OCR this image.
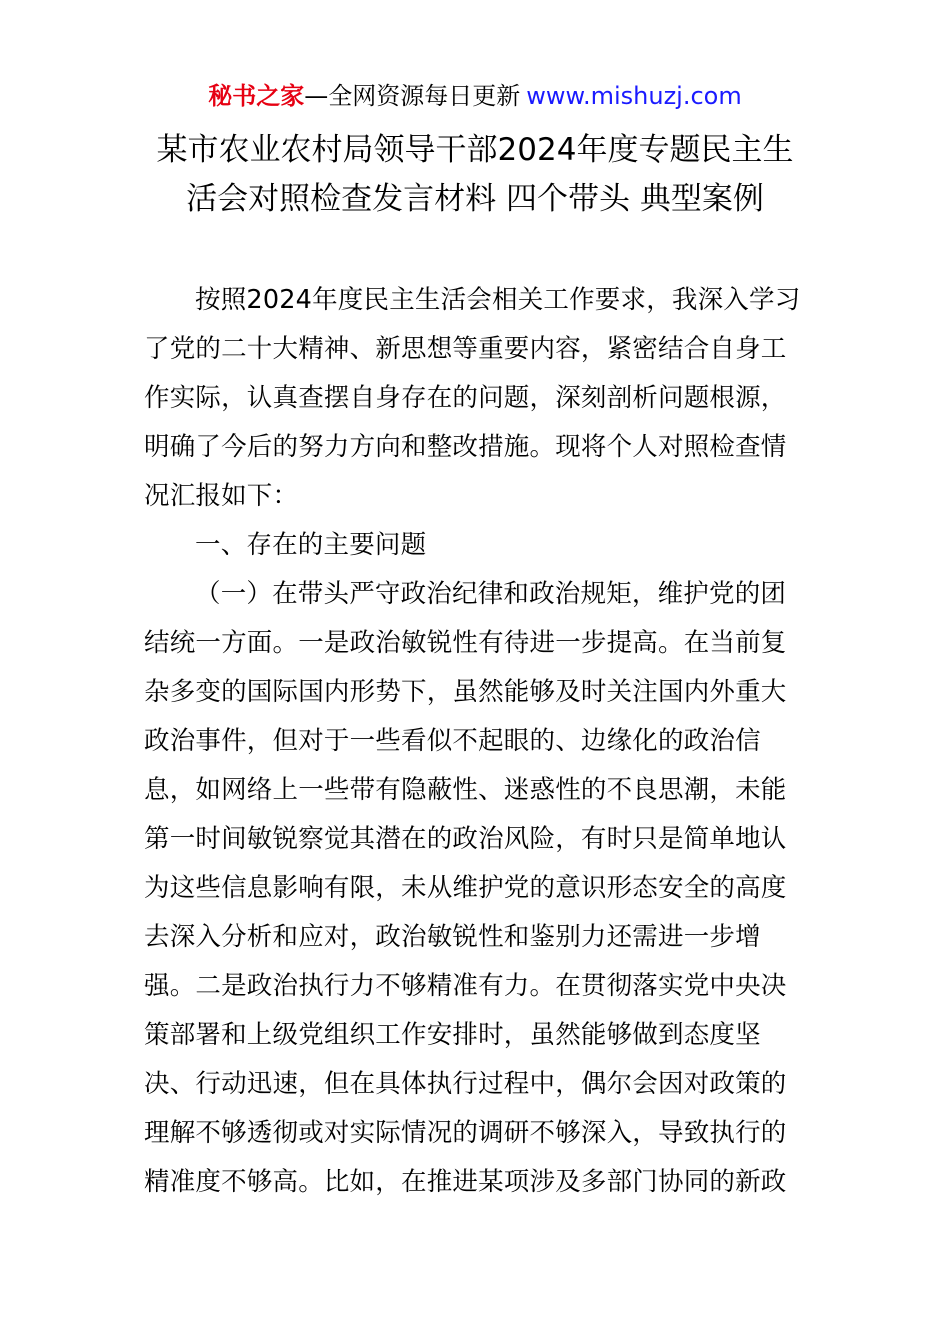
秘书之家—全网资源每日更新 www.mishuzj.com
某市农业农村局领导干部2024年度专题民主生
活会对照检查发言材料 四个带头 典型案例
按照2024年度民主生活会相关工作要求，我深入学习
了党的二十大精神、新思想等重要内容，紧密结合自身工
作实际，认真查摆自身存在的问题，深刻剖析问题根源，
明确了今后的努力方向和整改措施。现将个人对照检查情
况汇报如下：
一、存在的主要问题
（一）在带头严守政治纪律和政治规矩，维护党的团
结统一方面。一是政治敏锐性有待进一步提高。在当前复
杂多变的国际国内形势下，虽然能够及时关注国内外重大
政治事件，但对于一些看似不起眼的、边缘化的政治信
息，如网络上一些带有隐蔽性、迷惑性的不良思潮，未能
第一时间敏锐察觉其潜在的政治风险，有时只是简单地认
为这些信息影响有限，未从维护党的意识形态安全的高度
去深入分析和应对，政治敏锐性和鉴别力还需进一步增
强。二是政治执行力不够精准有力。在贯彻落实党中央决
策部署和上级党组织工作安排时，虽然能够做到态度坚
决、行动迅速，但在具体执行过程中，偶尔会因对政策的
理解不够透彻或对实际情况的调研不够深入，导致执行的
精准度不够高。比如，在推进某项涉及多部门协同的新政
